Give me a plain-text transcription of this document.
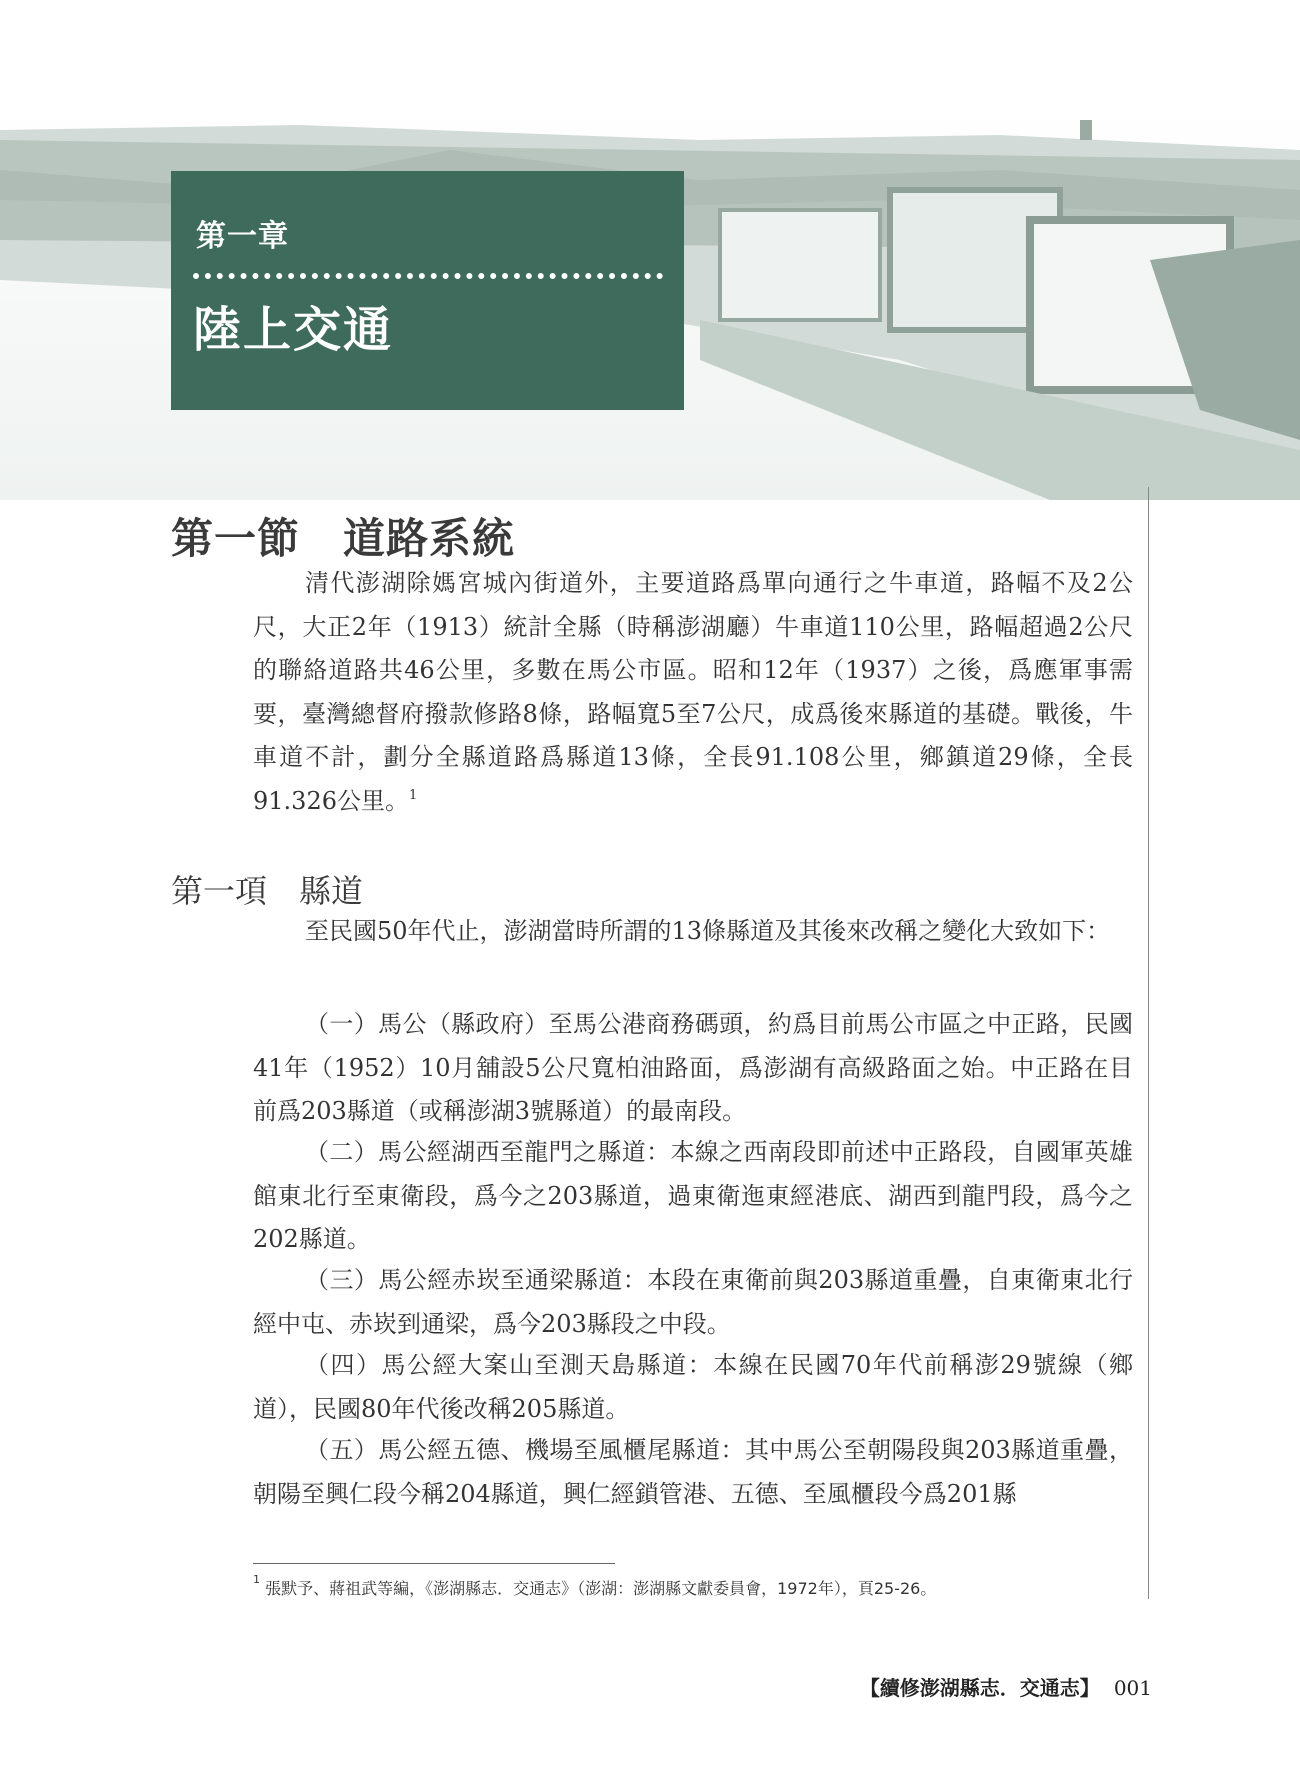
第一章
陸上交通
第一節　道路系統

清代澎湖除媽宮城內街道外，主要道路爲單向通行之牛車道，路幅不及2公尺，大正2年（1913）統計全縣（時稱澎湖廳）牛車道110公里，路幅超過2公尺的聯絡道路共46公里，多數在馬公市區。昭和12年（1937）之後，爲應軍事需要，臺灣總督府撥款修路8條，路幅寬5至7公尺，成爲後來縣道的基礎。戰後，牛車道不計，劃分全縣道路爲縣道13條，全長91.108公里，鄉鎮道29條，全長91.326公里。$^1$

第一項　縣道

至民國50年代止，澎湖當時所謂的13條縣道及其後來改稱之變化大致如下：

（一）馬公（縣政府）至馬公港商務碼頭，約爲目前馬公市區之中正路，民國41年（1952）10月舖設5公尺寬柏油路面，爲澎湖有高級路面之始。中正路在目前爲203縣道（或稱澎湖3號縣道）的最南段。

（二）馬公經湖西至龍門之縣道：本線之西南段即前述中正路段，自國軍英雄館東北行至東衛段，爲今之203縣道，過東衛迤東經港底、湖西到龍門段，爲今之202縣道。

（三）馬公經赤崁至通梁縣道：本段在東衛前與203縣道重疊，自東衛東北行經中屯、赤崁到通梁，爲今203縣段之中段。

（四）馬公經大案山至測天島縣道：本線在民國70年代前稱澎29號線（鄉道），民國80年代後改稱205縣道。

（五）馬公經五德、機場至風櫃尾縣道：其中馬公至朝陽段與203縣道重疊，朝陽至興仁段今稱204縣道，興仁經鎖管港、五德、至風櫃段今爲201縣

$^1$ 張默予、蔣祖武等編，《澎湖縣志．交通志》（澎湖：澎湖縣文獻委員會，1972年），頁25-26。
【續修澎湖縣志．交通志】 001
